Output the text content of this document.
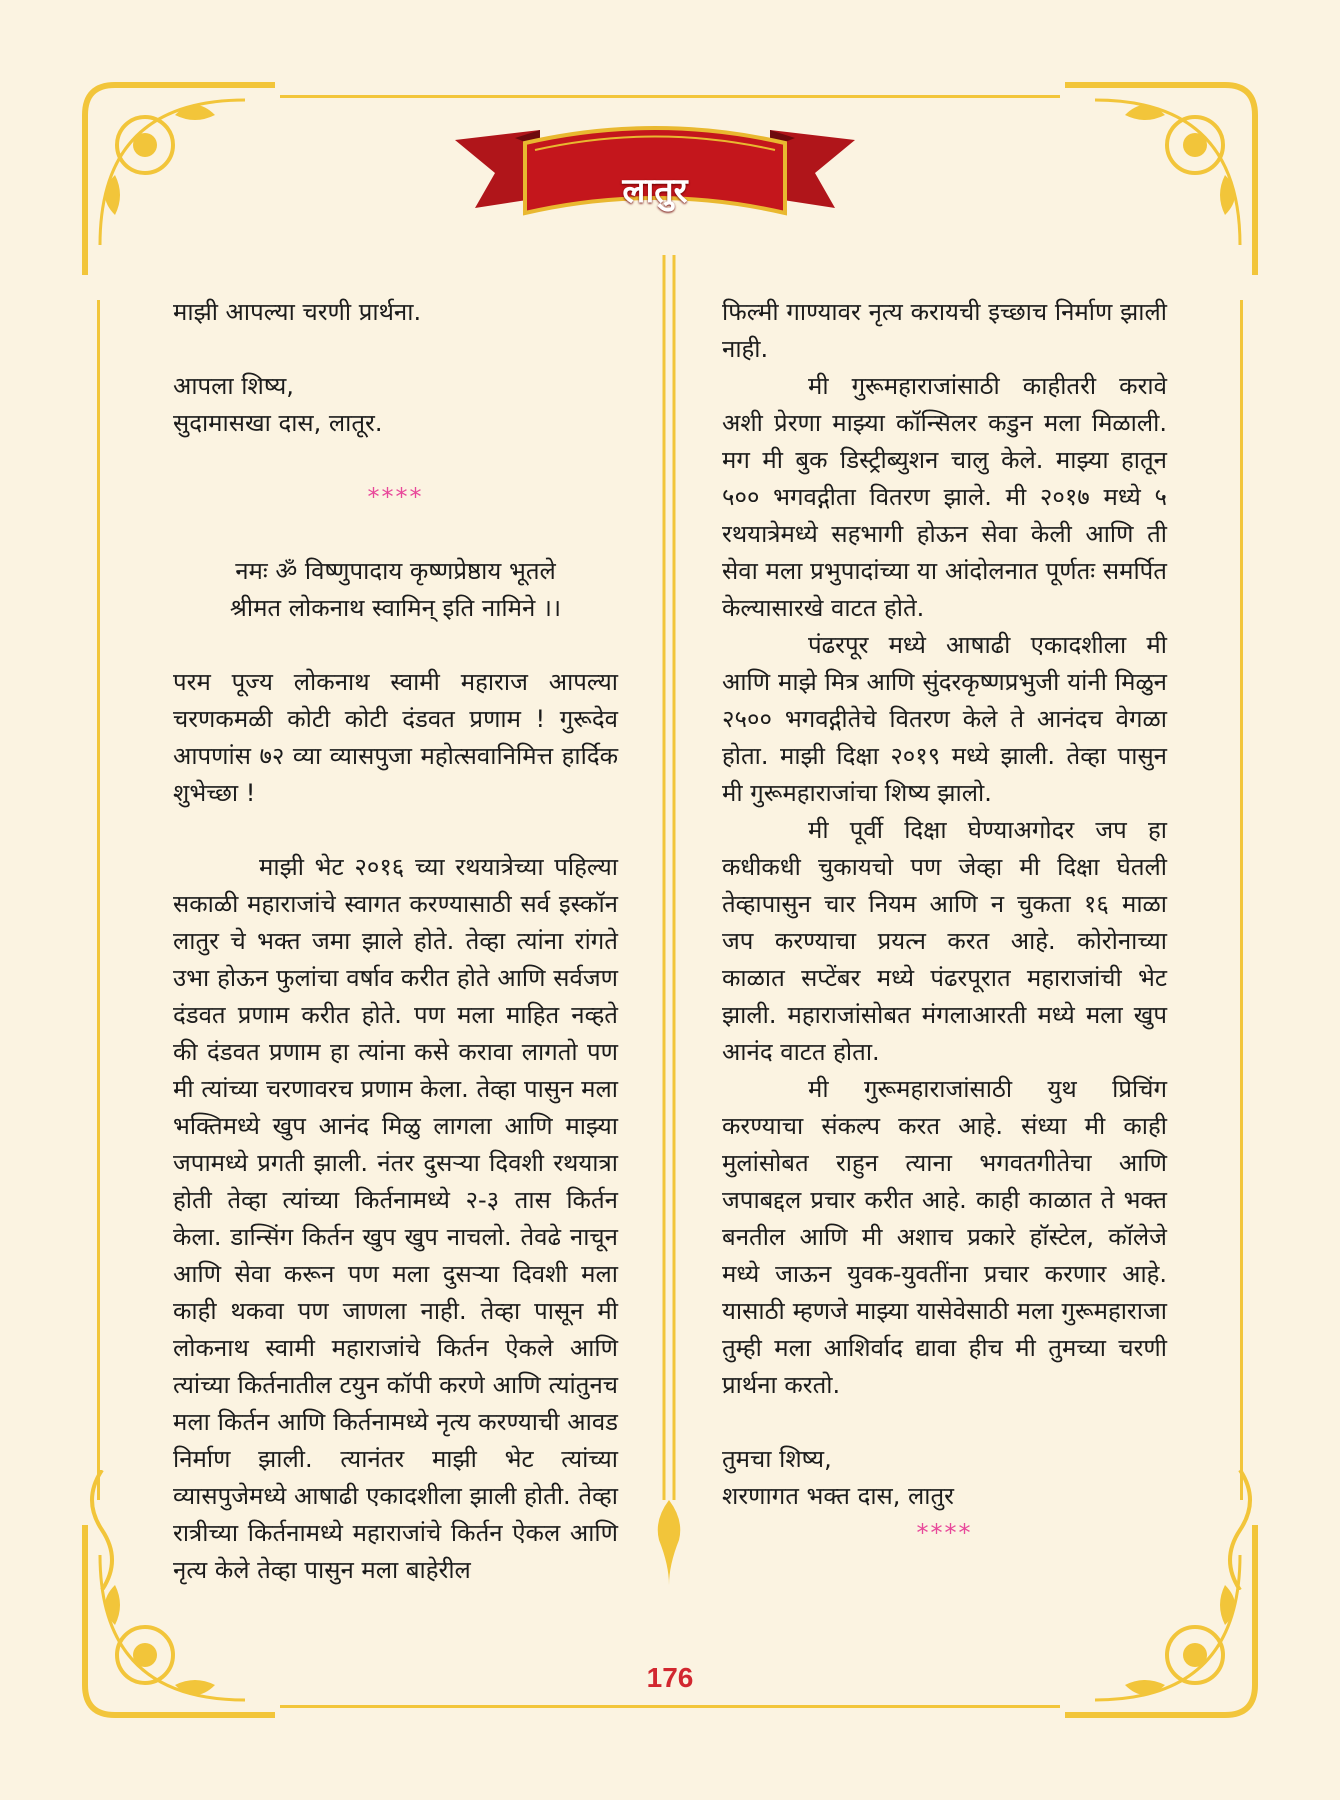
लातुर

माझी आपल्या चरणी प्रार्थना.

आपला शिष्य,

सुदामासखा दास, लातूर.

****

नमः ॐ विष्णुपादाय कृष्णप्रेष्ठाय भूतले

श्रीमत लोकनाथ स्वामिन् इति नामिने ।।

परम पूज्य लोकनाथ स्वामी महाराज आपल्या चरणकमळी कोटी कोटी दंडवत प्रणाम ! गुरूदेव आपणांस ७२ व्या व्यासपुजा महोत्सवानिमित्त हार्दिक शुभेच्छा !

माझी भेट २०१६ च्या रथयात्रेच्या पहिल्या सकाळी महाराजांचे स्वागत करण्यासाठी सर्व इस्कॉन लातुर चे भक्त जमा झाले होते. तेव्हा त्यांना रांगते उभा होऊन फुलांचा वर्षाव करीत होते आणि सर्वजण दंडवत प्रणाम करीत होते. पण मला माहित नव्हते की दंडवत प्रणाम हा त्यांना कसे करावा लागतो पण मी त्यांच्या चरणावरच प्रणाम केला. तेव्हा पासुन मला भक्तिमध्ये खुप आनंद मिळु लागला आणि माझ्या जपामध्ये प्रगती झाली. नंतर दुसऱ्या दिवशी रथयात्रा होती तेव्हा त्यांच्या किर्तनामध्ये २-३ तास किर्तन केला. डान्सिंग किर्तन खुप खुप नाचलो. तेवढे नाचून आणि सेवा करून पण मला दुसऱ्या दिवशी मला काही थकवा पण जाणला नाही. तेव्हा पासून मी लोकनाथ स्वामी महाराजांचे किर्तन ऐकले आणि त्यांच्या किर्तनातील टयुन कॉपी करणे आणि त्यांतुनच मला किर्तन आणि किर्तनामध्ये नृत्य करण्याची आवड निर्माण झाली. त्यानंतर माझी भेट त्यांच्या व्यासपुजेमध्ये आषाढी एकादशीला झाली होती. तेव्हा रात्रीच्या किर्तनामध्ये महाराजांचे किर्तन ऐकल आणि नृत्य केले तेव्हा पासुन मला बाहेरील

फिल्मी गाण्यावर नृत्य करायची इच्छाच निर्माण झाली नाही.

मी गुरूमहाराजांसाठी काहीतरी करावे अशी प्रेरणा माझ्या कॉन्सिलर कडुन मला मिळाली. मग मी बुक डिस्ट्रीब्युशन चालु केले. माझ्या हातून ५०० भगवद्गीता वितरण झाले. मी २०१७ मध्ये ५ रथयात्रेमध्ये सहभागी होऊन सेवा केली आणि ती सेवा मला प्रभुपादांच्या या आंदोलनात पूर्णतः समर्पित केल्यासारखे वाटत होते.

पंढरपूर मध्ये आषाढी एकादशीला मी आणि माझे मित्र आणि सुंदरकृष्णप्रभुजी यांनी मिळुन २५०० भगवद्गीतेचे वितरण केले ते आनंदच वेगळा होता. माझी दिक्षा २०१९ मध्ये झाली. तेव्हा पासुन मी गुरूमहाराजांचा शिष्य झालो.

मी पूर्वी दिक्षा घेण्याअगोदर जप हा कधीकधी चुकायचो पण जेव्हा मी दिक्षा घेतली तेव्हापासुन चार नियम आणि न चुकता १६ माळा जप करण्याचा प्रयत्न करत आहे. कोरोनाच्या काळात सप्टेंबर मध्ये पंढरपूरात महाराजांची भेट झाली. महाराजांसोबत मंगलाआरती मध्ये मला खुप आनंद वाटत होता.

मी गुरूमहाराजांसाठी युथ प्रिचिंग करण्याचा संकल्प करत आहे. संध्या मी काही मुलांसोबत राहुन त्याना भगवतगीतेचा आणि जपाबद्दल प्रचार करीत आहे. काही काळात ते भक्त बनतील आणि मी अशाच प्रकारे हॉस्टेल, कॉलेजे मध्ये जाऊन युवक-युवतींना प्रचार करणार आहे. यासाठी म्हणजे माझ्या यासेवेसाठी मला गुरूमहाराजा तुम्ही मला आशिर्वाद द्यावा हीच मी तुमच्या चरणी प्रार्थना करतो.

तुमचा शिष्य,

शरणागत भक्त दास, लातुर

****

176
